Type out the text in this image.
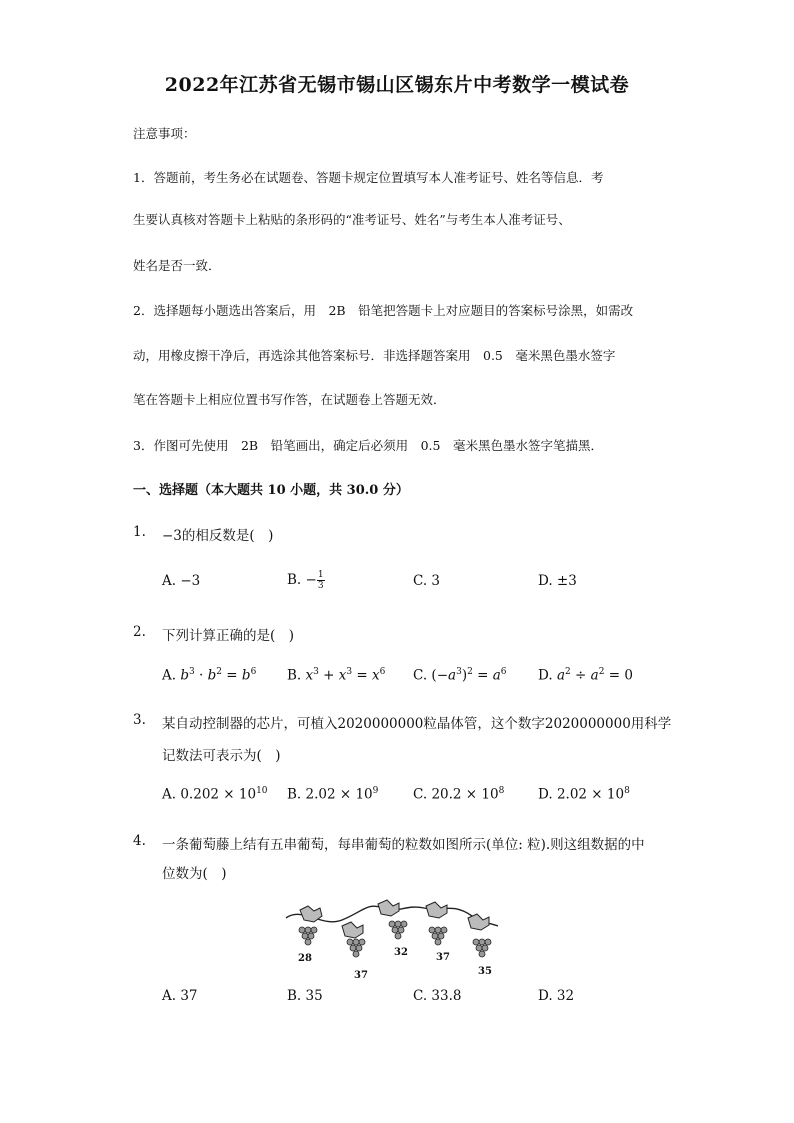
2022年江苏省无锡市锡山区锡东片中考数学一模试卷
注意事项：
1．答题前，考生务必在试题卷、答题卡规定位置填写本人准考证号、姓名等信息．考
生要认真核对答题卡上粘贴的条形码的“准考证号、姓名”与考生本人准考证号、
姓名是否一致．
2．选择题每小题选出答案后，用　2B　铅笔把答题卡上对应题目的答案标号涂黑，如需改
动，用橡皮擦干净后，再选涂其他答案标号．非选择题答案用　0.5　毫米黑色墨水签字
笔在答题卡上相应位置书写作答，在试题卷上答题无效．
3．作图可先使用　2B　铅笔画出，确定后必须用　0.5　毫米黑色墨水签字笔描黑．
一、选择题（本大题共 10 小题，共 30.0 分）
1. −3的相反数是(　)
A. −3	B. − $\frac{1}{3}$	C. 3	D. ±3
2. 下列计算正确的是(　)
A. $b^3 \cdot b^2 = b^6$ B. $x^3 + x^3 = x^6$ C. $(-a^3)^2 = a^6$ D. $a^2 \div a^2 = 0$
3. 某自动控制器的芯片，可植入2020000000粒晶体管，这个数字2020000000用科学
记数法可表示为(　)
A. $0.202 \times 10^{10}$ B. $2.02 \times 10^9$	C. $20.2 \times 10^8$ D. $2.02 \times 10^8$
4. 一条葡萄藤上结有五串葡萄，每串葡萄的粒数如图所示(单位: 粒).则这组数据的中
位数为(　)
28
37
32	37
35
A. 37	B. 35	C. 33.8	D. 32
